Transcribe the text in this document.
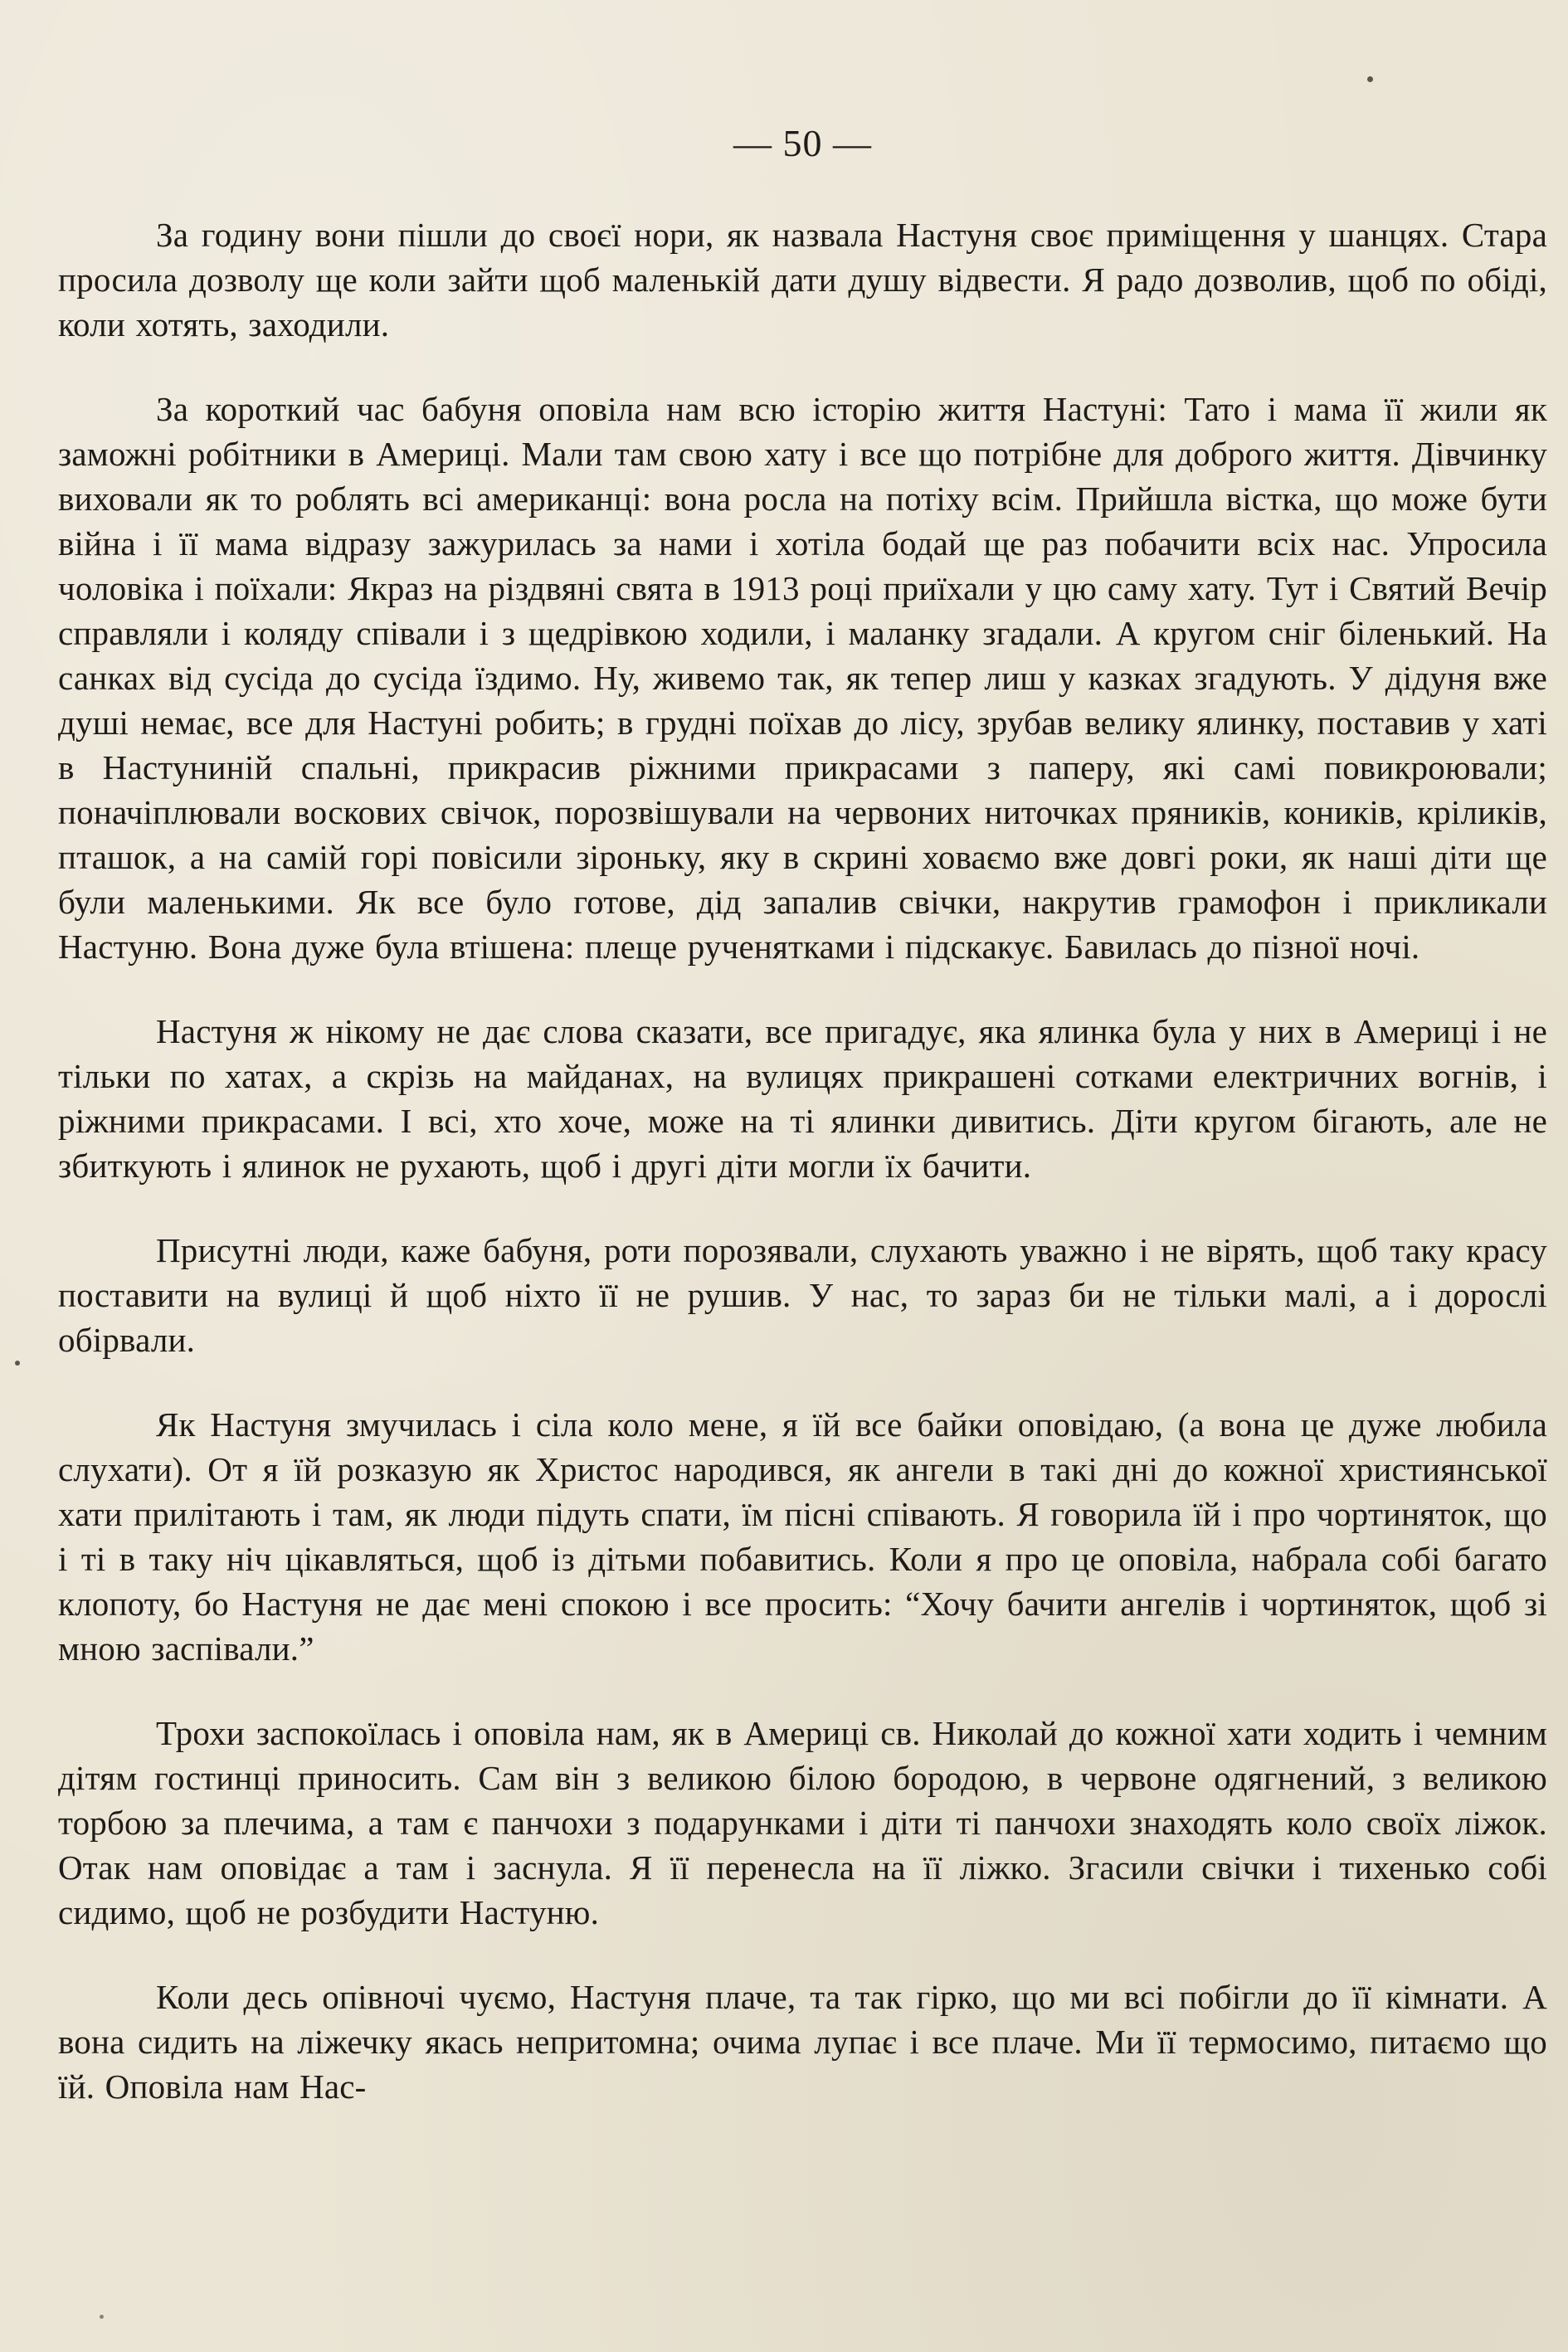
— 50 —

За годину вони пішли до своєї нори, як назвала Настуня своє приміщення у шанцях. Стара просила дозволу ще коли зайти щоб маленькій дати душу відвести. Я радо дозволив, щоб по обіді, коли хотять, заходили.

За короткий час бабуня оповіла нам всю історію життя Настуні: Тато і мама її жили як заможні робітники в Америці. Мали там свою хату і все що потрібне для доброго життя. Дівчинку виховали як то роблять всі американці: вона росла на потіху всім. Прийшла вістка, що може бути війна і її мама відразу зажурилась за нами і хотіла бодай ще раз побачити всіх нас. Упросила чоловіка і поїхали: Якраз на різдвяні свята в 1913 році приїхали у цю саму хату. Тут і Святий Вечір справляли і коляду співали і з щедрівкою ходили, і маланку згадали. А кругом сніг біленький. На санках від сусіда до сусіда їздимо. Ну, живемо так, як тепер лиш у казках згадують. У дідуня вже душі немає, все для Настуні робить; в грудні поїхав до лісу, зрубав велику ялинку, поставив у хаті в Настуниній спальні, прикрасив ріжними прикрасами з паперу, які самі повикроювали; поначіплювали воскових свічок, порозвішували на червоних ниточках пряників, коників, кріликів, пташок, а на самій горі повісили зіроньку, яку в скрині ховаємо вже довгі роки, як наші діти ще були маленькими. Як все було готове, дід запалив свічки, накрутив грамофон і прикликали Настуню. Вона дуже була втішена: плеще рученятками і підскакує. Бавилась до пізної ночі.

Настуня ж нікому не дає слова сказати, все пригадує, яка ялинка була у них в Америці і не тільки по хатах, а скрізь на майданах, на вулицях прикрашені сотками електричних вогнів, і ріжними прикрасами. І всі, хто хоче, може на ті ялинки дивитись. Діти кругом бігають, але не збиткують і ялинок не рухають, щоб і другі діти могли їх бачити.

Присутні люди, каже бабуня, роти порозявали, слухають уважно і не вірять, щоб таку красу поставити на вулиці й щоб ніхто її не рушив. У нас, то зараз би не тільки малі, а і дорослі обірвали.

Як Настуня змучилась і сіла коло мене, я їй все байки оповідаю, (а вона це дуже любила слухати). От я їй розказую як Христос народився, як ангели в такі дні до кожної християнської хати прилітають і там, як люди підуть спати, їм пісні співають. Я говорила їй і про чортиняток, що і ті в таку ніч цікавляться, щоб із дітьми побавитись. Коли я про це оповіла, набрала собі багато клопоту, бо Настуня не дає мені спокою і все просить: “Хочу бачити ангелів і чортиняток, щоб зі мною заспівали.”

Трохи заспокоїлась і оповіла нам, як в Америці св. Николай до кожної хати ходить і чемним дітям гостинці приносить. Сам він з великою білою бородою, в червоне одягнений, з великою торбою за плечима, а там є панчохи з подарунками і діти ті панчохи знаходять коло своїх ліжок. Отак нам оповідає а там і заснула. Я її перенесла на її ліжко. Згасили свічки і тихенько собі сидимо, щоб не розбудити Настуню.

Коли десь опівночі чуємо, Настуня плаче, та так гірко, що ми всі побігли до її кімнати. А вона сидить на ліжечку якась непритомна; очима лупає і все плаче. Ми її термосимо, питаємо що їй. Оповіла нам Нас-
